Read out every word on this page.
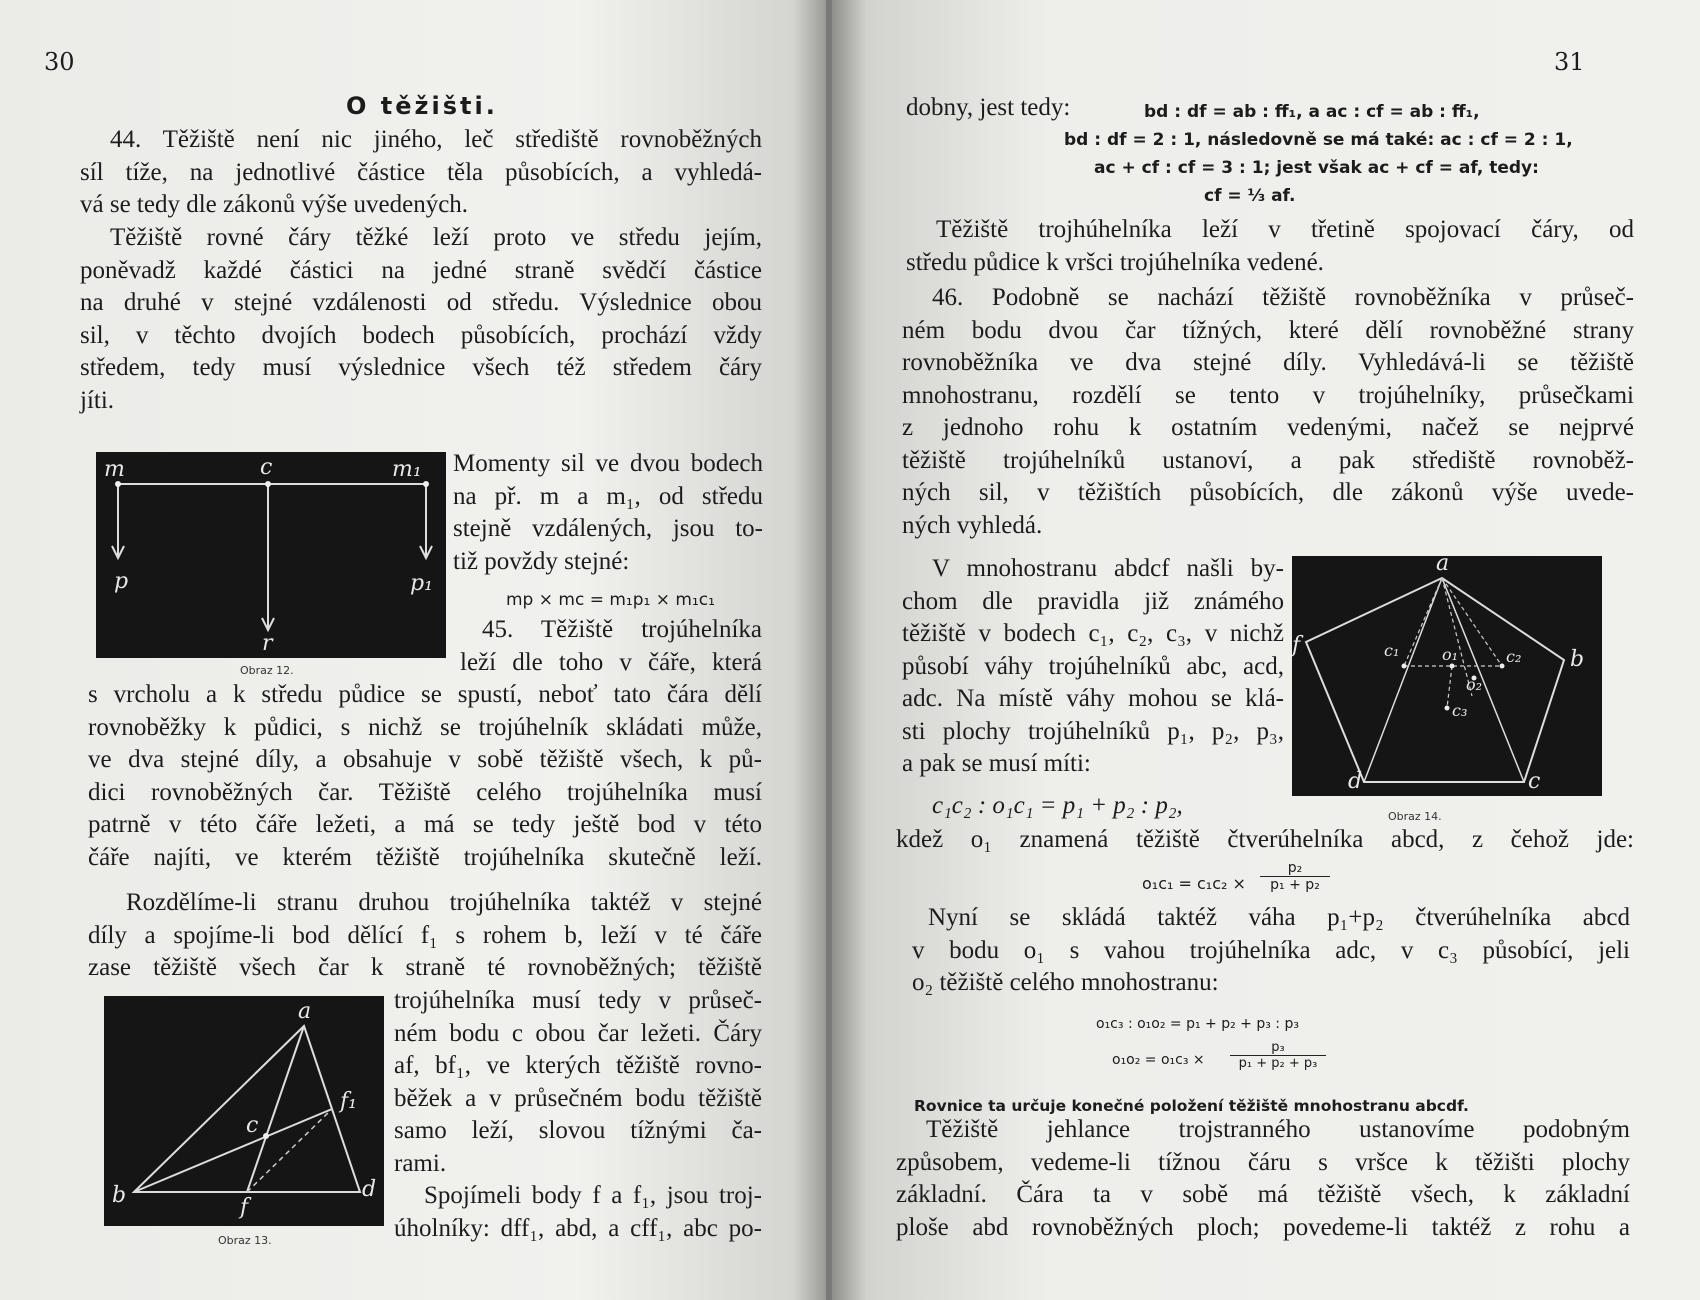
30
O těžišti.
44. Těžiště není nic jiného, leč střediště rovnoběžných
síl tíže, na jednotlivé částice těla působících, a vyhledá-
vá se tedy dle zákonů výše uvedených.
Těžiště rovné čáry těžké leží proto ve středu jejím,
poněvadž každé částici na jedné straně svědčí částice
na druhé v stejné vzdálenosti od středu. Výslednice obou
sil, v těchto dvojích bodech působících, prochází vždy
středem, tedy musí výslednice všech též středem čáry
jíti.
m	c	m₁
p	p₁
r
Obraz 12.
Momenty sil ve dvou bodech
na př. m a m₁, od středu
stejně vzdálených, jsou to-
tiž povždy stejné:
mp × mc = m₁p₁ × m₁c₁
45. Těžiště trojúhelníka
leží dle toho v čáře, která
s vrcholu a k středu půdice se spustí, neboť tato čára dělí
rovnoběžky k půdici, s nichž se trojúhelník skládati může,
ve dva stejné díly, a obsahuje v sobě těžiště všech, k pů-
dici rovnoběžných čar. Těžiště celého trojúhelníka musí
patrně v této čáře ležeti, a má se tedy ještě bod v této
čáře najíti, ve kterém těžiště trojúhelníka skutečně leží.
Rozdělíme-li stranu druhou trojúhelníka taktéž v stejné
díly a spojíme-li bod dělící f₁ s rohem b, leží v té čáře
zase těžiště všech čar k straně té rovnoběžných; těžiště
a
f₁
c
b	f
d
Obraz 13.
trojúhelníka musí tedy v průseč-
ném bodu c obou čar ležeti. Čáry
af, bf₁, ve kterých těžiště rovno-
běžek a v průsečném bodu těžiště
samo leží, slovou tížnými ča-
rami.
Spojímeli body f a f₁, jsou troj-
úholníky: dff₁, abd, a cff₁, abc po-
31
dobny, jest tedy:	bd : df = ab : ff₁, a ac : cf = ab : ff₁,
bd : df = 2 : 1, následovně se má také: ac : cf = 2 : 1,
ac + cf : cf = 3 : 1; jest však ac + cf = af, tedy:
cf = ⅓ af.
Těžiště trojhúhelníka leží v třetině spojovací čáry, od
středu půdice k vršci trojúhelníka vedené.
46. Podobně se nachází těžiště rovnoběžníka v průseč-
ném bodu dvou čar tížných, které dělí rovnoběžné strany
rovnoběžníka ve dva stejné díly. Vyhledává-li se těžiště
mnohostranu, rozdělí se tento v trojúhelníky, průsečkami
z jednoho rohu k ostatním vedenými, načež se nejprvé
těžiště trojúhelníků ustanoví, a pak střediště rovnoběž-
ných sil, v těžištích působících, dle zákonů výše uvede-
ných vyhledá.
a
f	c₁	o₁
o₂
c₂
c₃
b
d	c
Obraz 14.
V mnohostranu abdcf našli by-
chom dle pravidla již známého
těžiště v bodech c₁, c₂, c₃, v nichž
působí váhy trojúhelníků abc, acd,
adc. Na místě váhy mohou se klá-
sti plochy trojúhelníků p₁, p₂, p₃,
a pak se musí míti:
c₁c₂ : o₁c₁ = p₁ + p₂ : p₂,
kdež o₁ znamená těžiště čtverúhelníka abcd, z čehož jde:
$o_1c_1 = c_1c_2 \times \frac{\text{p₂}}{\text{p₁ + p₂}}$
Nyní se skládá taktéž váha p₁+p₂ čtverúhelníka abcd
v bodu o₁ s vahou trojúhelníka adc, v c₃ působící, jeli
o₂ těžiště celého mnohostranu:
o₁c₃ : o₁o₂ = p₁ + p₂ + p₃ : p₃
$o_1o_2 = o_1c_3 \times \frac{\text{p₃}}{\text{p₁ + p₂ + p₃}}$
Rovnice ta určuje konečné položení těžiště mnohostranu abcdf.
Těžiště jehlance trojstranného ustanovíme podobným
způsobem, vedeme-li tížnou čáru s vršce k těžišti plochy
základní. Čára ta v sobě má těžiště všech, k základní
ploše abd rovnoběžných ploch; povedeme-li taktéž z rohu a
